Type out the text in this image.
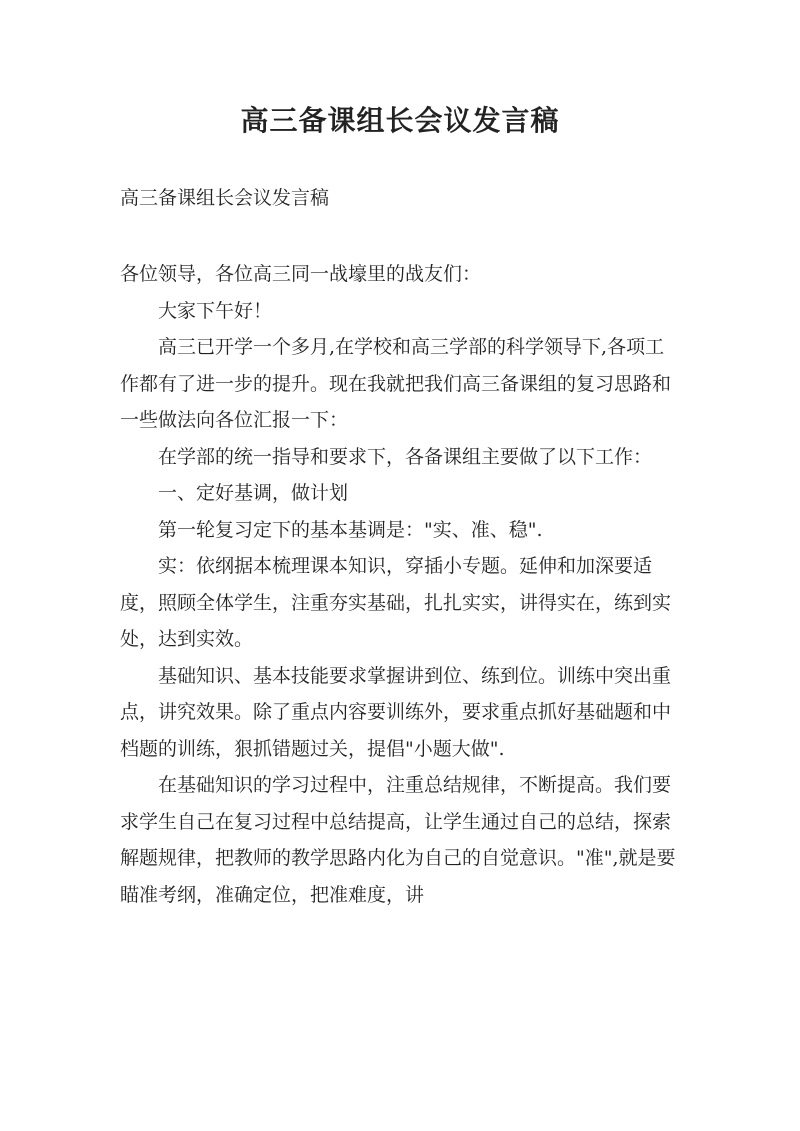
高三备课组长会议发言稿

高三备课组长会议发言稿

各位领导，各位高三同一战壕里的战友们：

大家下午好！

高三已开学一个多月,在学校和高三学部的科学领导下,各项工作都有了进一步的提升。现在我就把我们高三备课组的复习思路和一些做法向各位汇报一下：

在学部的统一指导和要求下，各备课组主要做了以下工作：

一、定好基调，做计划

第一轮复习定下的基本基调是："实、准、稳".

实：依纲据本梳理课本知识，穿插小专题。延伸和加深要适度，照顾全体学生，注重夯实基础，扎扎实实，讲得实在，练到实处，达到实效。

基础知识、基本技能要求掌握讲到位、练到位。训练中突出重点，讲究效果。除了重点内容要训练外，要求重点抓好基础题和中档题的训练，狠抓错题过关，提倡"小题大做".

在基础知识的学习过程中，注重总结规律，不断提高。我们要求学生自己在复习过程中总结提高，让学生通过自己的总结，探索解题规律，把教师的教学思路内化为自己的自觉意识。"准",就是要瞄准考纲，准确定位，把准难度，讲
